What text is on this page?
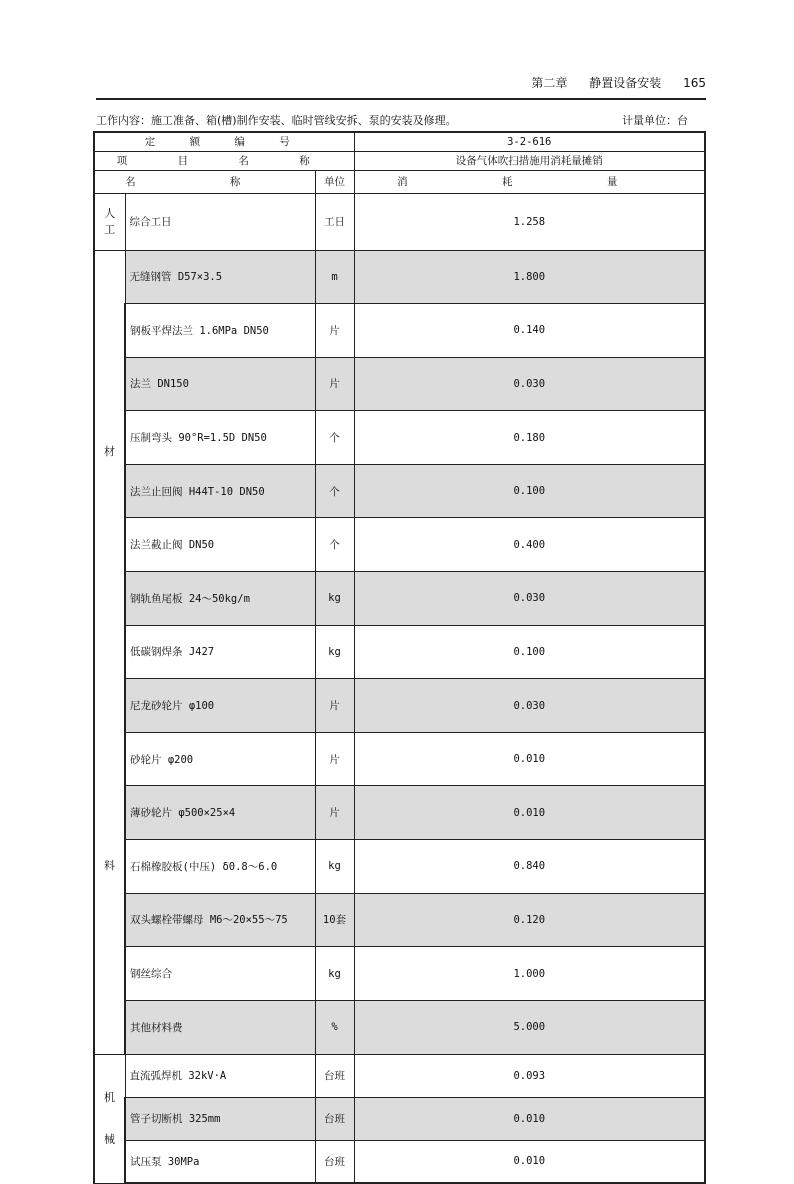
第二章 静置设备安装 165
工作内容：施工准备、箱(槽)制作安装、临时管线安拆、泵的安装及修理。	计量单位：台
定 额 编 号			3-2-616
项 目 名 称			设备气体吹扫措施用消耗量摊销
名 称		单位	消 耗 量
人工	综合工日	工日	1.258

材
料	无缝钢管 D57×3.5	m	1.800
	钢板平焊法兰 1.6MPa DN50	片	0.140
	法兰 DN150	片	0.030
	压制弯头 90°R=1.5D DN50	个	0.180
	法兰止回阀 H44T-10 DN50	个	0.100
	法兰截止阀 DN50	个	0.400
	钢轨鱼尾板 24～50kg/m	kg	0.030
	低碳钢焊条 J427	kg	0.100
	尼龙砂轮片 φ100	片	0.030
	砂轮片 φ200	片	0.010
	薄砂轮片 φ500×25×4	片	0.010
	石棉橡胶板(中压) δ0.8～6.0	kg	0.840
	双头螺栓带螺母 M6～20×55～75	10套	0.120
	钢丝综合	kg	1.000
	其他材料费	%	5.000

机
械	直流弧焊机 32kV·A	台班	0.093
	管子切断机 325mm	台班	0.010
	试压泵 30MPa	台班	0.010
